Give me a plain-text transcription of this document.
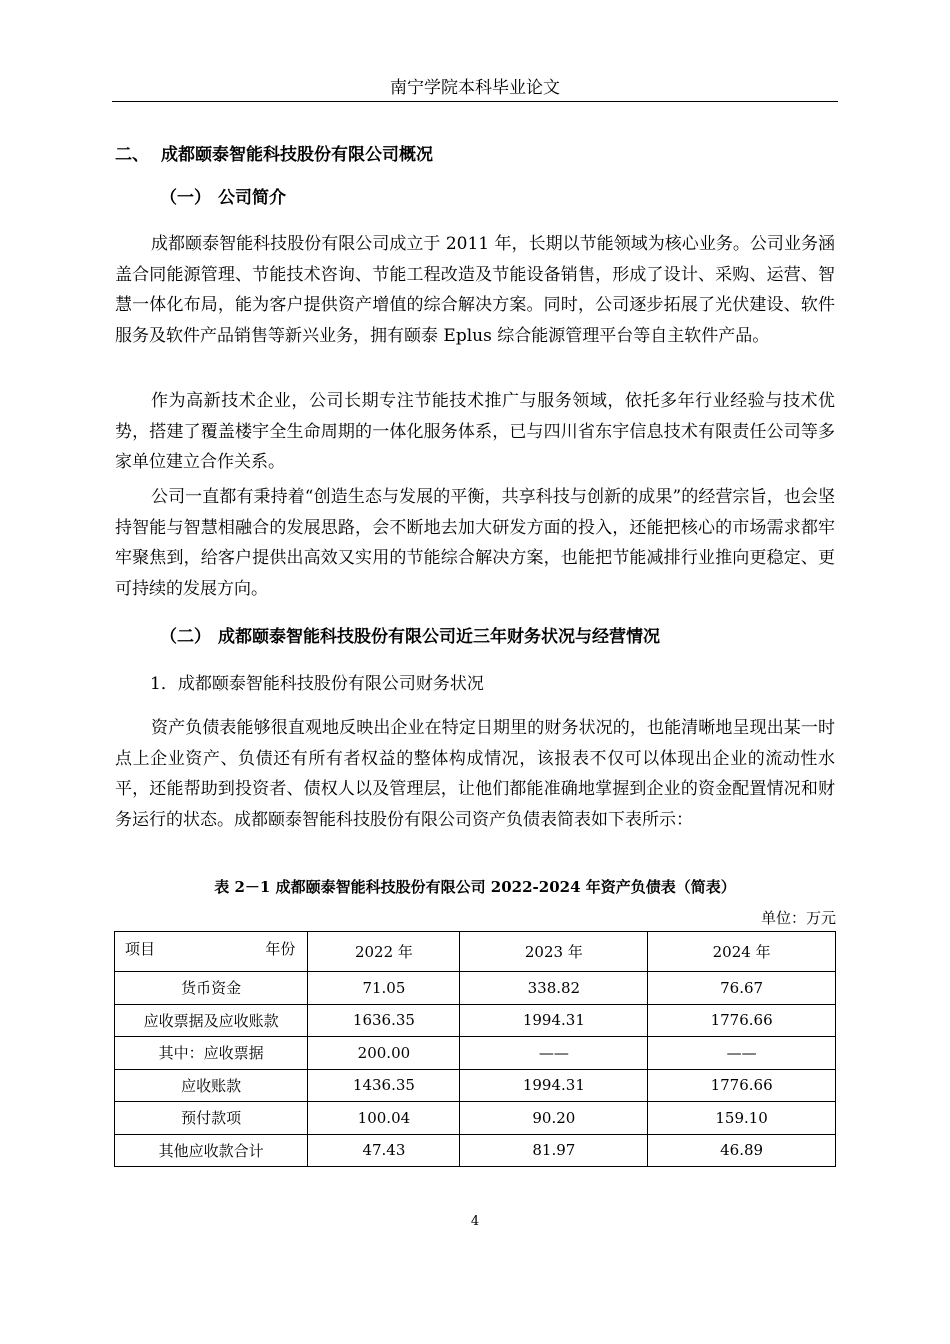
南宁学院本科毕业论文
二、 成都颐泰智能科技股份有限公司概况
（一） 公司简介

成都颐泰智能科技股份有限公司成立于 2011 年，长期以节能领域为核心业务。公司业务涵盖合同能源管理、节能技术咨询、节能工程改造及节能设备销售，形成了设计、采购、运营、智慧一体化布局，能为客户提供资产增值的综合解决方案。同时，公司逐步拓展了光伏建设、软件服务及软件产品销售等新兴业务，拥有颐泰 Eplus 综合能源管理平台等自主软件产品。

作为高新技术企业，公司长期专注节能技术推广与服务领域，依托多年行业经验与技术优势，搭建了覆盖楼宇全生命周期的一体化服务体系，已与四川省东宇信息技术有限责任公司等多家单位建立合作关系。

公司一直都有秉持着“创造生态与发展的平衡，共享科技与创新的成果”的经营宗旨，也会坚持智能与智慧相融合的发展思路，会不断地去加大研发方面的投入，还能把核心的市场需求都牢牢聚焦到，给客户提供出高效又实用的节能综合解决方案，也能把节能减排行业推向更稳定、更可持续的发展方向。

（二） 成都颐泰智能科技股份有限公司近三年财务状况与经营情况
1．成都颐泰智能科技股份有限公司财务状况

资产负债表能够很直观地反映出企业在特定日期里的财务状况的，也能清晰地呈现出某一时点上企业资产、负债还有所有者权益的整体构成情况，该报表不仅可以体现出企业的流动性水平，还能帮助到投资者、债权人以及管理层，让他们都能准确地掌握到企业的资金配置情况和财务运行的状态。成都颐泰智能科技股份有限公司资产负债表简表如下表所示：

表 2－1 成都颐泰智能科技股份有限公司 2022-2024 年资产负债表（简表）
单位：万元
项目 年份	2022 年	2023 年	2024 年
货币资金	71.05	338.82	76.67
应收票据及应收账款	1636.35	1994.31	1776.66
其中：应收票据	200.00	——	——
应收账款	1436.35	1994.31	1776.66
预付款项	100.04	90.20	159.10
其他应收款合计	47.43	81.97	46.89
4
